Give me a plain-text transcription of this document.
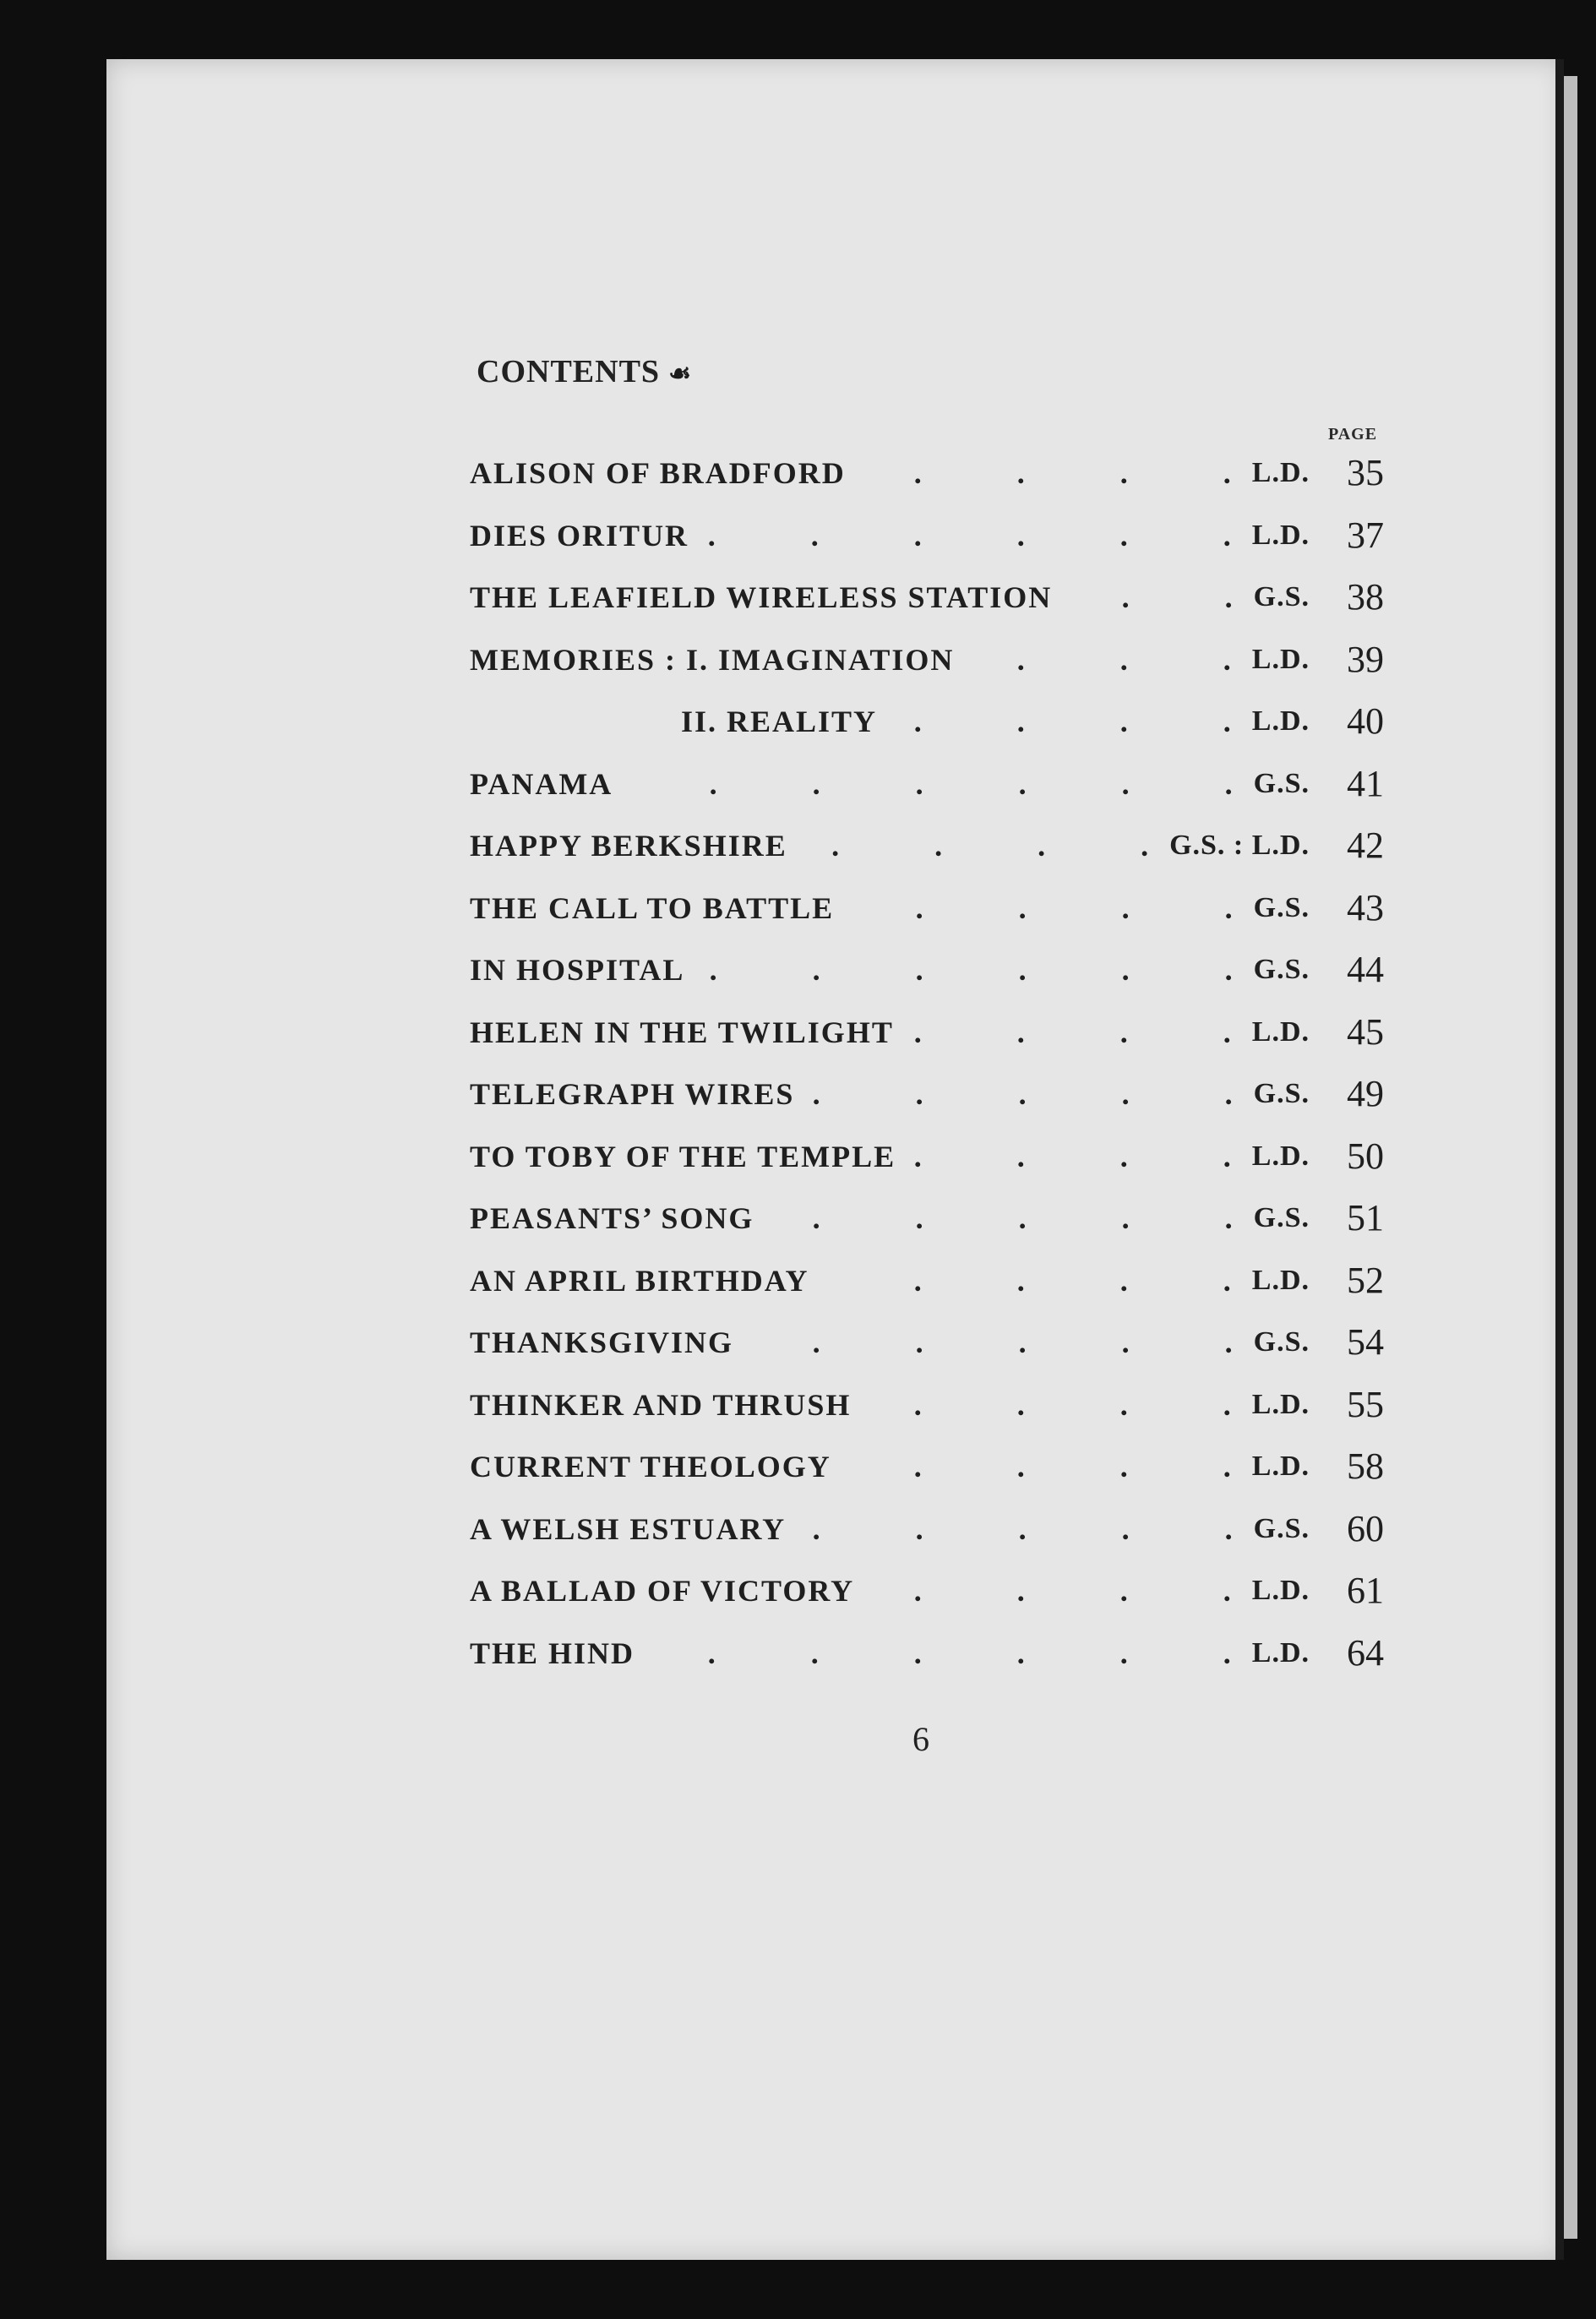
CONTENTS ☙
PAGE
ALISON OF BRADFORD	L.D. 35
.
.
.
.
DIES ORITUR	L.D. 37
.
.
.
.
.
.
THE LEAFIELD WIRELESS STATION	G.S. 38
.
.
MEMORIES : I. IMAGINATION	L.D. 39
.
.
.
II. REALITY	L.D. 40
.
.
.
.
PANAMA	G.S. 41
.
.
.
.
.
.
HAPPY BERKSHIRE	G.S. : L.D. 42
.
.
.
.
THE CALL TO BATTLE	G.S. 43
.
.
.
.
IN HOSPITAL	G.S. 44
.
.
.
.
.
.
HELEN IN THE TWILIGHT	L.D. 45
.
.
.
.
TELEGRAPH WIRES	G.S. 49
.
.
.
.
.
TO TOBY OF THE TEMPLE	L.D. 50
.
.
.
.
PEASANTS’ SONG	G.S. 51
.
.
.
.
.
AN APRIL BIRTHDAY	L.D. 52
.
.
.
.
THANKSGIVING	G.S. 54
.
.
.
.
.
THINKER AND THRUSH	L.D. 55
.
.
.
.
CURRENT THEOLOGY	L.D. 58
.
.
.
.
A WELSH ESTUARY	G.S. 60
.
.
.
.
.
A BALLAD OF VICTORY	L.D. 61
.
.
.
.
THE HIND	L.D. 64
.
.
.
.
.
.
6
